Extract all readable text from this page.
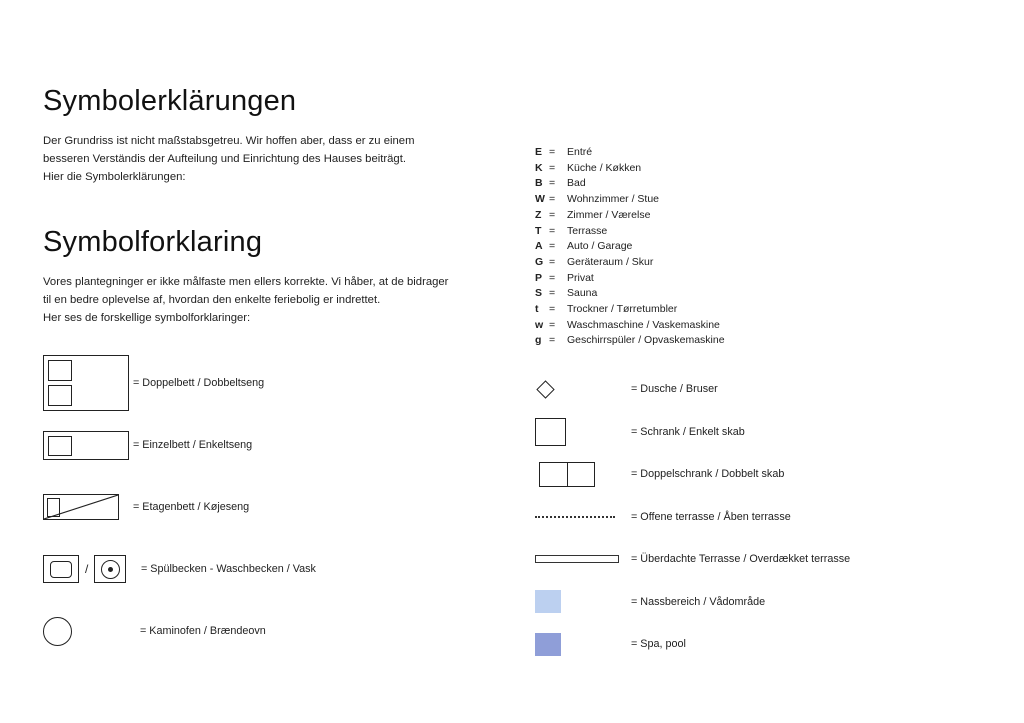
Symbolerklärungen

Der Grundriss ist nicht maßstabsgetreu. Wir hoffen aber, dass er zu einem
besseren Verständis der Aufteilung und Einrichtung des Hauses beiträgt.
Hier die Symbolerklärungen:

Symbolforklaring

Vores plantegninger er ikke målfaste men ellers korrekte. Vi håber, at de bidrager
til en bedre oplevelse af, hvordan den enkelte feriebolig er indrettet.
Her ses de forskellige symbolforklaringer:

= Doppelbett / Dobbeltseng
= Einzelbett / Enkeltseng
= Etagenbett / Køjeseng
/	= Spülbecken - Waschbecken / Vask
= Kaminofen / Brændeovn
E =	Entré
K =	Küche / Køkken
B =	Bad
W =	Wohnzimmer / Stue
Z =	Zimmer / Værelse
T =	Terrasse
A =	Auto / Garage
G =	Geräteraum / Skur
P =	Privat
S =	Sauna
t	=	Trockner / Tørretumbler
w =	Waschmaschine / Vaskemaskine
g =	Geschirrspüler / Opvaskemaskine
= Dusche / Bruser
= Schrank / Enkelt skab
= Doppelschrank / Dobbelt skab
= Offene terrasse / Åben terrasse
= Überdachte Terrasse / Overdækket terrasse
= Nassbereich / Vådområde
= Spa, pool
